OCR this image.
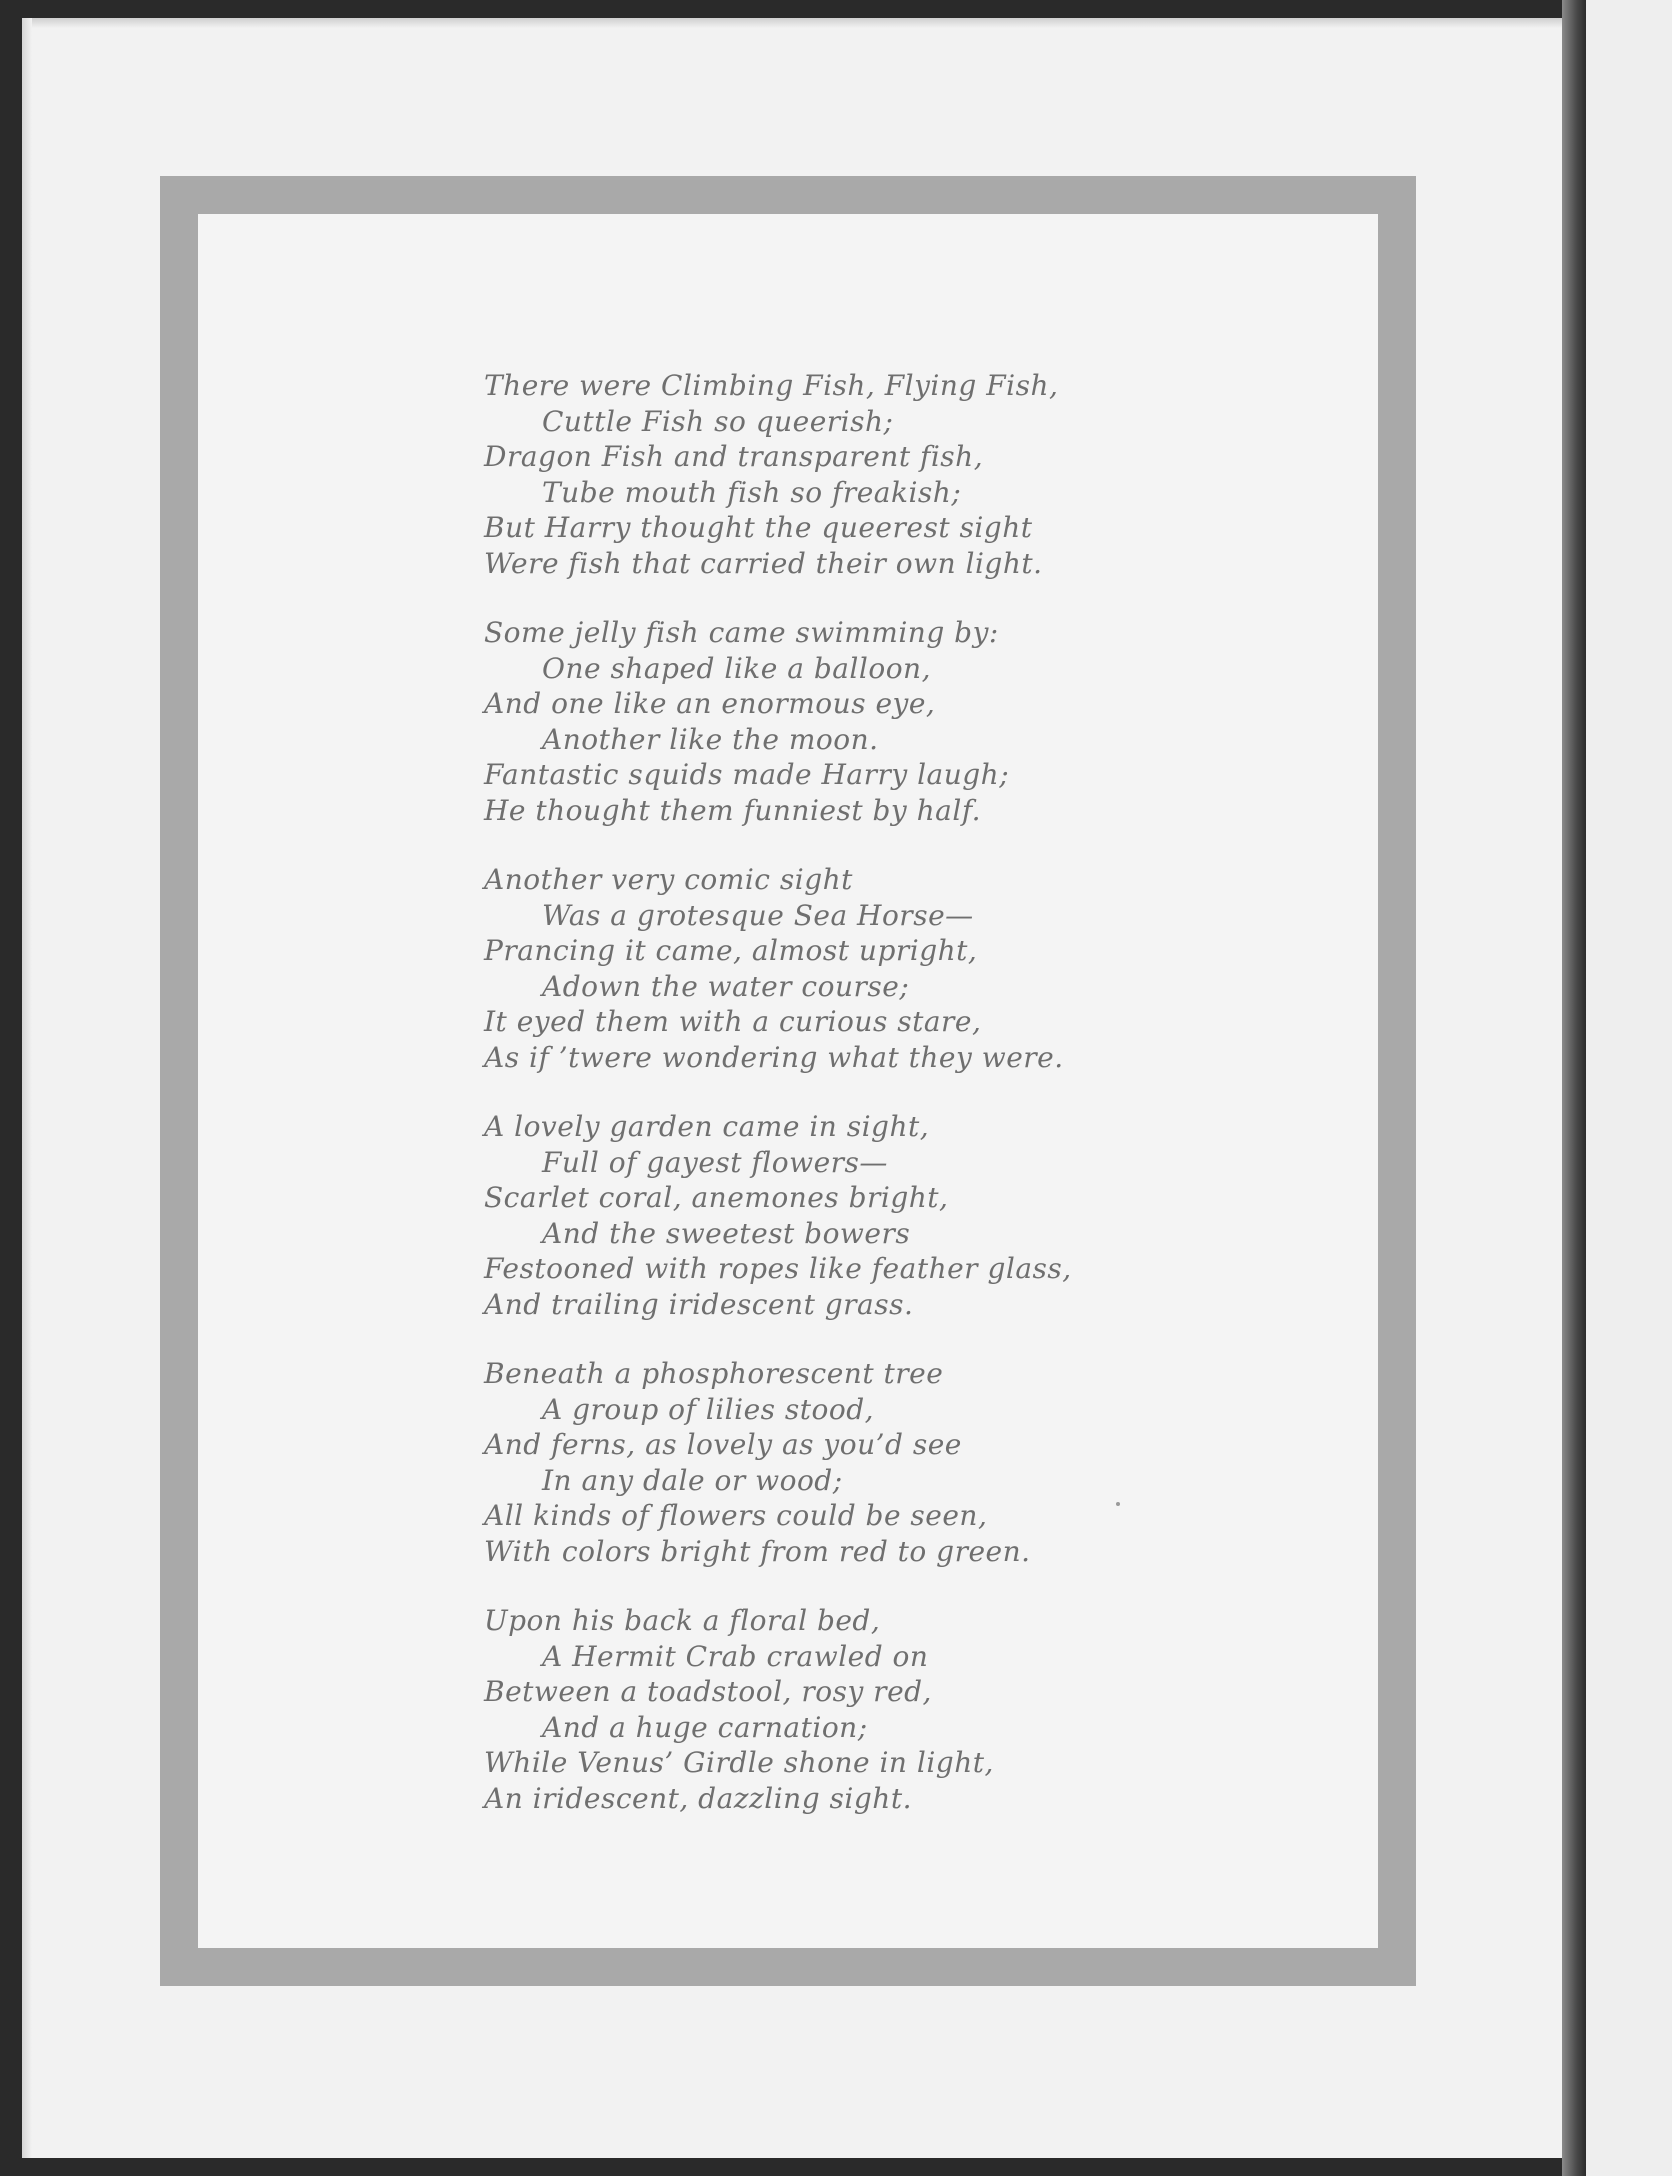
There were Climbing Fish, Flying Fish,
Cuttle Fish so queerish;
Dragon Fish and transparent fish,
Tube mouth fish so freakish;
But Harry thought the queerest sight
Were fish that carried their own light.
Some jelly fish came swimming by:
One shaped like a balloon,
And one like an enormous eye,
Another like the moon.
Fantastic squids made Harry laugh;
He thought them funniest by half.
Another very comic sight
Was a grotesque Sea Horse—
Prancing it came, almost upright,
Adown the water course;
It eyed them with a curious stare,
As if ’twere wondering what they were.
A lovely garden came in sight,
Full of gayest flowers—
Scarlet coral, anemones bright,
And the sweetest bowers
Festooned with ropes like feather glass,
And trailing iridescent grass.
Beneath a phosphorescent tree
A group of lilies stood,
And ferns, as lovely as you’d see
In any dale or wood;
All kinds of flowers could be seen,
With colors bright from red to green.
Upon his back a floral bed,
A Hermit Crab crawled on
Between a toadstool, rosy red,
And a huge carnation;
While Venus’ Girdle shone in light,
An iridescent, dazzling sight.
